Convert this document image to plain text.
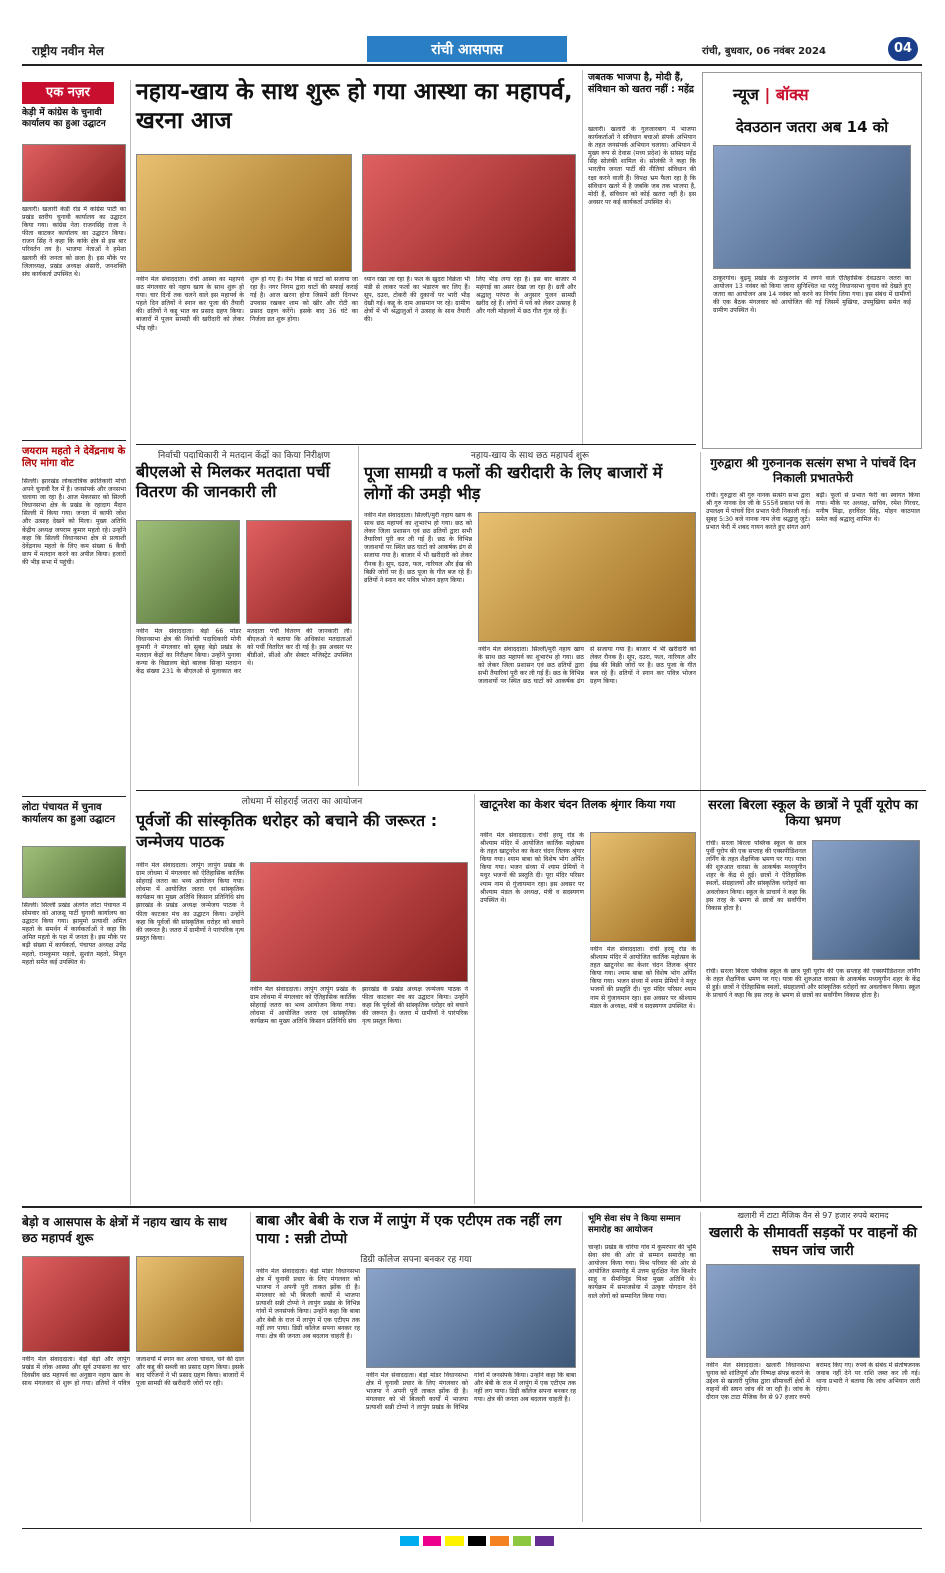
राष्ट्रीय नवीन मेल	रांची आसपास	रांची, बुधवार, 06 नवंबर 2024	04
एक नज़र
केड़ी में कांग्रेस के चुनावी कार्यालय का हुआ उद्घाटन
खलारी। खलारी केडी रोड में कांग्रेस पार्टी का प्रखंड स्तरीय चुनावी कार्यालय का उद्घाटन किया गया। कांग्रेस नेता राजनसिंह राजा ने फीता काटकर कार्यालय का उद्घाटन किया। राजन सिंह ने कहा कि कांके क्षेत्र से इस बार परिवर्तन तय है। भाजपा नेताओं ने हमेशा खलारी की जनता को छला है। इस मौके पर जिलाध्यक्ष, प्रखंड अध्यक्ष अंसारी, जनशक्ति संघ कार्यकर्ता उपस्थित थे।
जयराम महतो ने देवेंद्रनाथ के लिए मांगा वोट
सिल्ली। झारखंड लोकतांत्रिक क्रांतिकारी मोर्चा अपने चुनावी रैल में है। जनसंपर्क और जनसभा चलाया जा रहा है। आज मेकरसार को सिल्ली विधानसभा क्षेत्र के प्रखंड के रहादाग मैदान सिल्ली में किया गया। जनता में काफी जोश और उत्साह देखने को मिला। मुख्य अतिथि केंद्रीय अध्यक्ष जयराम कुमार महतो रहे। उन्होंने कहा कि सिल्ली विधानसभा क्षेत्र से प्रत्याशी देवेंद्रनाथ महतो के लिए कम संख्या 6 कैंची छाप में मतदान करने का अपील किया। हजारों की भीड़ सभा में पहुंची।
लोटा पंचायत में चुनाव कार्यालय का हुआ उद्घाटन
सिल्ली। सिल्ली प्रखंड अंतर्गत लोटा पंचायत में सोमवार को आजसू पार्टी चुनावी कार्यालय का उद्घाटन किया गया। झामुमो प्रत्याशी अमित महतो के समर्थन में कार्यकर्ताओं ने कहा कि अमित महतो के पक्ष में जनता है। इस मौके पर बढ़ी संख्या में कार्यकर्ता, पंचायत अध्यक्ष उपेंद्र महतो, रामकुमार महतो, सुशांत महतो, मिथुन महतो समेत कई उपस्थित थे।
नहाय-खाय के साथ शुरू हो गया आस्था का महापर्व, खरना आज
नवीन मेल संवाददाता। रांची आस्था का महापर्व छठ मंगलवार को नहाय खाय के साथ शुरू हो गया। चार दिनों तक चलने वाले इस महापर्व के पहले दिन व्रतियों ने स्नान कर पूजा की तैयारी की। व्रतियों ने कद्दू भात का प्रसाद ग्रहण किया। बाजारों में पूजन सामग्री की खरीदारी को लेकर भीड़ रही।
शुरू हो गए हैं। नेम निष्ठा से घाटों को सजाया जा रहा है। नगर निगम द्वारा घाटों की सफाई कराई गई है। आज खरना होगा जिसमें व्रती दिनभर उपवास रखकर शाम को खीर और रोटी का प्रसाद ग्रहण करेंगे। इसके बाद 36 घंटे का निर्जला व्रत शुरू होगा।
ध्यान रखा जा रहा है। फल के खुदरा विक्रेता भी मंडी से लाकर फलों का भंडारण कर लिए हैं। सूप, दउरा, टोकरी की दुकानों पर भारी भीड़ देखी गई। कद्दू के दाम आसमान पर रहे। ग्रामीण क्षेत्रों में भी श्रद्धालुओं ने उत्साह के साथ तैयारी की।
लिए भीड़ लगा रहा है। इस बार बाजार में महंगाई का असर देखा जा रहा है। व्रती और श्रद्धालु परंपरा के अनुसार पूजन सामग्री खरीद रहे हैं। लोगों में पर्व को लेकर उत्साह है और गली मोहल्लों में छठ गीत गूंज रहे हैं।
जबतक भाजपा है, मोदी हैं, संविधान को खतरा नहीं : महेंद्र
खलारी। खलारी के गुलजारबाग में भाजपा कार्यकर्ताओं ने संविधान बचाओ संपर्क अभियान के तहत जनसंपर्क अभियान चलाया। अभियान में मुख्य रूप से देवास (मध्य प्रदेश) के सांसद महेंद्र सिंह सोलंकी शामिल थे। सोलंकी ने कहा कि भारतीय जनता पार्टी की नीतियां संविधान की रक्षा करने वाली हैं। विपक्ष भ्रम फैला रहा है कि संविधान खतरे में है जबकि जब तक भाजपा है, मोदी हैं, संविधान को कोई खतरा नहीं है। इस अवसर पर कई कार्यकर्ता उपस्थित थे।
न्यूज | बॉक्स
देवउठान जतरा अब 14 को
ठाकुरगांव। बुढ़मू प्रखंड के ठाकुरगांव में लगने वाले ऐतिहासिक देवउठान जतरा का आयोजन 13 नवंबर को किया जाना सुनिश्चित था परंतु विधानसभा चुनाव को देखते हुए जतरा का आयोजन अब 14 नवंबर को करने का निर्णय लिया गया। इस संबंध में ग्रामीणों की एक बैठक मंगलवार को आयोजित की गई जिसमें मुखिया, उपमुखिया समेत कई ग्रामीण उपस्थित थे।
गुरुद्वारा श्री गुरुनानक सत्संग सभा ने पांचवें दिन निकाली प्रभातफेरी
रांची। गुरुद्वारा श्री गुरु नानक सत्संग सभा द्वारा श्री गुरु नानक देव जी के 555वें प्रकाश पर्व के उपलक्ष्य में पांचवें दिन प्रभात फेरी निकाली गई। सुबह 5:30 बजे नानक नाम लेवा श्रद्धालु जुटे। प्रभात फेरी में शबद गायन करते हुए संगत आगे बढ़ी। फूलों से प्रभात फेरी का स्वागत किया गया। मौके पर अध्यक्ष, सचिव, रमेश गिरधर, मनीष मिढ़ा, हरविंदर सिंह, मोहन काठपाल समेत कई श्रद्धालु शामिल थे।
निर्वाची पदाधिकारी ने मतदान केंद्रों का किया निरीक्षण
बीएलओ से मिलकर मतदाता पर्ची वितरण की जानकारी ली
नवीन मेल संवाददाता। बेड़ो 66 मांडर विधानसभा क्षेत्र की निर्वाची पदाधिकारी मोनी कुमारी ने मंगलवार को सुबह बेड़ो प्रखंड के मतदान केंद्रों का निरीक्षण किया। उन्होंने पुनावा कन्या के विद्यालय बेड़ो बालक सिन्हा मतदान केंद्र संख्या 231 के बीएलओ से मुलाकात कर मतदाता पर्ची वितरण की जानकारी ली। बीएलओ ने बताया कि अधिकांश मतदाताओं को पर्ची वितरित कर दी गई है। इस अवसर पर बीडीओ, सीओ और सेक्टर मजिस्ट्रेट उपस्थित थे।
नहाय-खाय के साथ छठ महापर्व शुरू
पूजा सामग्री व फलों की खरीदारी के लिए बाजारों में लोगों की उमड़ी भीड़
नवीन मेल संवाददाता। सिल्ली/मुरी नहाय खाय के साथ छठ महापर्व का शुभारंभ हो गया। छठ को लेकर जिला प्रशासन एवं छठ व्रतियों द्वारा सभी तैयारियां पूरी कर ली गई हैं। छठ के विभिन्न जलाशयों पर स्थित छठ घाटों को आकर्षक ढंग से सजाया गया है। बाजार में भी खरीदारी को लेकर रौनक है। सूप, दउरा, फल, नारियल और ईख की बिक्री जोरों पर है। छठ पूजा के गीत बज रहे हैं। व्रतियों ने स्नान कर पवित्र भोजन ग्रहण किया।
नवीन मेल संवाददाता। सिल्ली/मुरी नहाय खाय के साथ छठ महापर्व का शुभारंभ हो गया। छठ को लेकर जिला प्रशासन एवं छठ व्रतियों द्वारा सभी तैयारियां पूरी कर ली गई हैं। छठ के विभिन्न जलाशयों पर स्थित छठ घाटों को आकर्षक ढंग से सजाया गया है। बाजार में भी खरीदारी को लेकर रौनक है। सूप, दउरा, फल, नारियल और ईख की बिक्री जोरों पर है। छठ पूजा के गीत बज रहे हैं। व्रतियों ने स्नान कर पवित्र भोजन ग्रहण किया।
लोधमा में सोहराई जतरा का आयोजन
पूर्वजों की सांस्कृतिक धरोहर को बचाने की जरूरत : जन्मेजय पाठक
नवीन मेल संवाददाता। लापुंग लापुंग प्रखंड के ग्राम लोधमा में मंगलवार को ऐतिहासिक कार्तिक सोहराई जतरा का भव्य आयोजन किया गया। लोधमा में आयोजित जतरा एवं सांस्कृतिक कार्यक्रम का मुख्य अतिथि किसान प्रतिनिधि संघ झारखंड के प्रखंड अध्यक्ष जन्मेजय पाठक ने फीता काटकर मंच का उद्घाटन किया। उन्होंने कहा कि पूर्वजों की सांस्कृतिक धरोहर को बचाने की जरूरत है। जतरा में ग्रामीणों ने पारंपरिक नृत्य प्रस्तुत किया।
नवीन मेल संवाददाता। लापुंग लापुंग प्रखंड के ग्राम लोधमा में मंगलवार को ऐतिहासिक कार्तिक सोहराई जतरा का भव्य आयोजन किया गया। लोधमा में आयोजित जतरा एवं सांस्कृतिक कार्यक्रम का मुख्य अतिथि किसान प्रतिनिधि संघ झारखंड के प्रखंड अध्यक्ष जन्मेजय पाठक ने फीता काटकर मंच का उद्घाटन किया। उन्होंने कहा कि पूर्वजों की सांस्कृतिक धरोहर को बचाने की जरूरत है। जतरा में ग्रामीणों ने पारंपरिक नृत्य प्रस्तुत किया।
खाटूनरेश का केशर चंदन तिलक श्रृंगार किया गया
नवीन मेल संवाददाता। रांची हरमू रोड के श्रीश्याम मंदिर में आयोजित कार्तिक महोत्सव के तहत खाटूनरेश का केशर चंदन तिलक श्रृंगार किया गया। श्याम बाबा को विशेष भोग अर्पित किया गया। भजन संध्या में श्याम प्रेमियों ने मधुर भजनों की प्रस्तुति दी। पूरा मंदिर परिसर श्याम नाम से गुंजायमान रहा। इस अवसर पर श्रीश्याम मंडल के अध्यक्ष, मंत्री व सदस्यगण उपस्थित थे।
नवीन मेल संवाददाता। रांची हरमू रोड के श्रीश्याम मंदिर में आयोजित कार्तिक महोत्सव के तहत खाटूनरेश का केशर चंदन तिलक श्रृंगार किया गया। श्याम बाबा को विशेष भोग अर्पित किया गया। भजन संध्या में श्याम प्रेमियों ने मधुर भजनों की प्रस्तुति दी। पूरा मंदिर परिसर श्याम नाम से गुंजायमान रहा। इस अवसर पर श्रीश्याम मंडल के अध्यक्ष, मंत्री व सदस्यगण उपस्थित थे।
सरला बिरला स्कूल के छात्रों ने पूर्वी यूरोप का किया भ्रमण
रांची। सरला बिरला पब्लिक स्कूल के छात्र पूर्वी यूरोप की एक सप्ताह की एक्सपीडिशनल लर्निंग के तहत शैक्षणिक भ्रमण पर गए। यात्रा की शुरुआत वारसा के आकर्षक मध्ययुगीन शहर के केंद्र से हुई। छात्रों ने ऐतिहासिक स्थलों, संग्रहालयों और सांस्कृतिक धरोहरों का अवलोकन किया। स्कूल के प्राचार्य ने कहा कि इस तरह के भ्रमण से छात्रों का सर्वांगीण विकास होता है।
रांची। सरला बिरला पब्लिक स्कूल के छात्र पूर्वी यूरोप की एक सप्ताह की एक्सपीडिशनल लर्निंग के तहत शैक्षणिक भ्रमण पर गए। यात्रा की शुरुआत वारसा के आकर्षक मध्ययुगीन शहर के केंद्र से हुई। छात्रों ने ऐतिहासिक स्थलों, संग्रहालयों और सांस्कृतिक धरोहरों का अवलोकन किया। स्कूल के प्राचार्य ने कहा कि इस तरह के भ्रमण से छात्रों का सर्वांगीण विकास होता है।
बेड़ो व आसपास के क्षेत्रों में नहाय खाय के साथ छठ महापर्व शुरू
नवीन मेल संवाददाता। बेड़ो बेड़ो और लापुंग प्रखंड में लोक आस्था और सूर्य उपासना का चार दिवसीय छठ महापर्व का अनुष्ठान नहाय खाय के साथ मंगलवार से शुरू हो गया। व्रतियों ने पवित्र जलाशयों में स्नान कर अरवा चावल, चने की दाल और कद्दू की सब्जी का प्रसाद ग्रहण किया। इसके बाद परिजनों ने भी प्रसाद ग्रहण किया। बाजारों में पूजा सामग्री की खरीदारी जोरों पर रही।
बाबा और बेबी के राज में लापुंग में एक एटीएम तक नहीं लग पाया : सन्नी टोप्पो
डिग्री कॉलेज सपना बनकर रह गया
नवीन मेल संवाददाता। बेड़ो मांडर विधानसभा क्षेत्र में चुनावी प्रचार के लिए मंगलवार को भाजपा ने अपनी पूरी ताकत झोंक दी है। मंगलवार को भी बिजली कार्यों में भाजपा प्रत्याशी सन्नी टोप्पो ने लापुंग प्रखंड के विभिन्न गांवों में जनसंपर्क किया। उन्होंने कहा कि बाबा और बेबी के राज में लापुंग में एक एटीएम तक नहीं लग पाया। डिग्री कॉलेज सपना बनकर रह गया। क्षेत्र की जनता अब बदलाव चाहती है।
नवीन मेल संवाददाता। बेड़ो मांडर विधानसभा क्षेत्र में चुनावी प्रचार के लिए मंगलवार को भाजपा ने अपनी पूरी ताकत झोंक दी है। मंगलवार को भी बिजली कार्यों में भाजपा प्रत्याशी सन्नी टोप्पो ने लापुंग प्रखंड के विभिन्न गांवों में जनसंपर्क किया। उन्होंने कहा कि बाबा और बेबी के राज में लापुंग में एक एटीएम तक नहीं लग पाया। डिग्री कॉलेज सपना बनकर रह गया। क्षेत्र की जनता अब बदलाव चाहती है।
भूमि सेवा संघ ने किया सम्मान समारोह का आयोजन
चान्हो। प्रखंड के चोरेया गांव में कुमरपार की भूमि सेवा संघ की ओर से सम्मान समारोह का आयोजन किया गया। मिश्र परिवार की ओर से आयोजित समारोह में उत्तम सुरक्षित नेता किशोर साहू व सैमनिमुंड मिश्रा मुख्य अतिथि थे। कार्यक्रम में समाजसेवा में उत्कृष्ट योगदान देने वाले लोगों को सम्मानित किया गया।
खलारी में टाटा मैजिक वैन से 97 हजार रुपये बरामद
खलारी के सीमावर्ती सड़कों पर वाहनों की सघन जांच जारी
नवीन मेल संवाददाता। खलारी विधानसभा चुनाव को शांतिपूर्ण और निष्पक्ष संपन्न कराने के उद्देश्य से खलारी पुलिस द्वारा सीमावर्ती क्षेत्रों में वाहनों की सघन जांच की जा रही है। जांच के दौरान एक टाटा मैजिक वैन से 97 हजार रुपये बरामद किए गए। रुपये के संबंध में संतोषजनक जवाब नहीं देने पर राशि जब्त कर ली गई। थाना प्रभारी ने बताया कि जांच अभियान जारी रहेगा।
